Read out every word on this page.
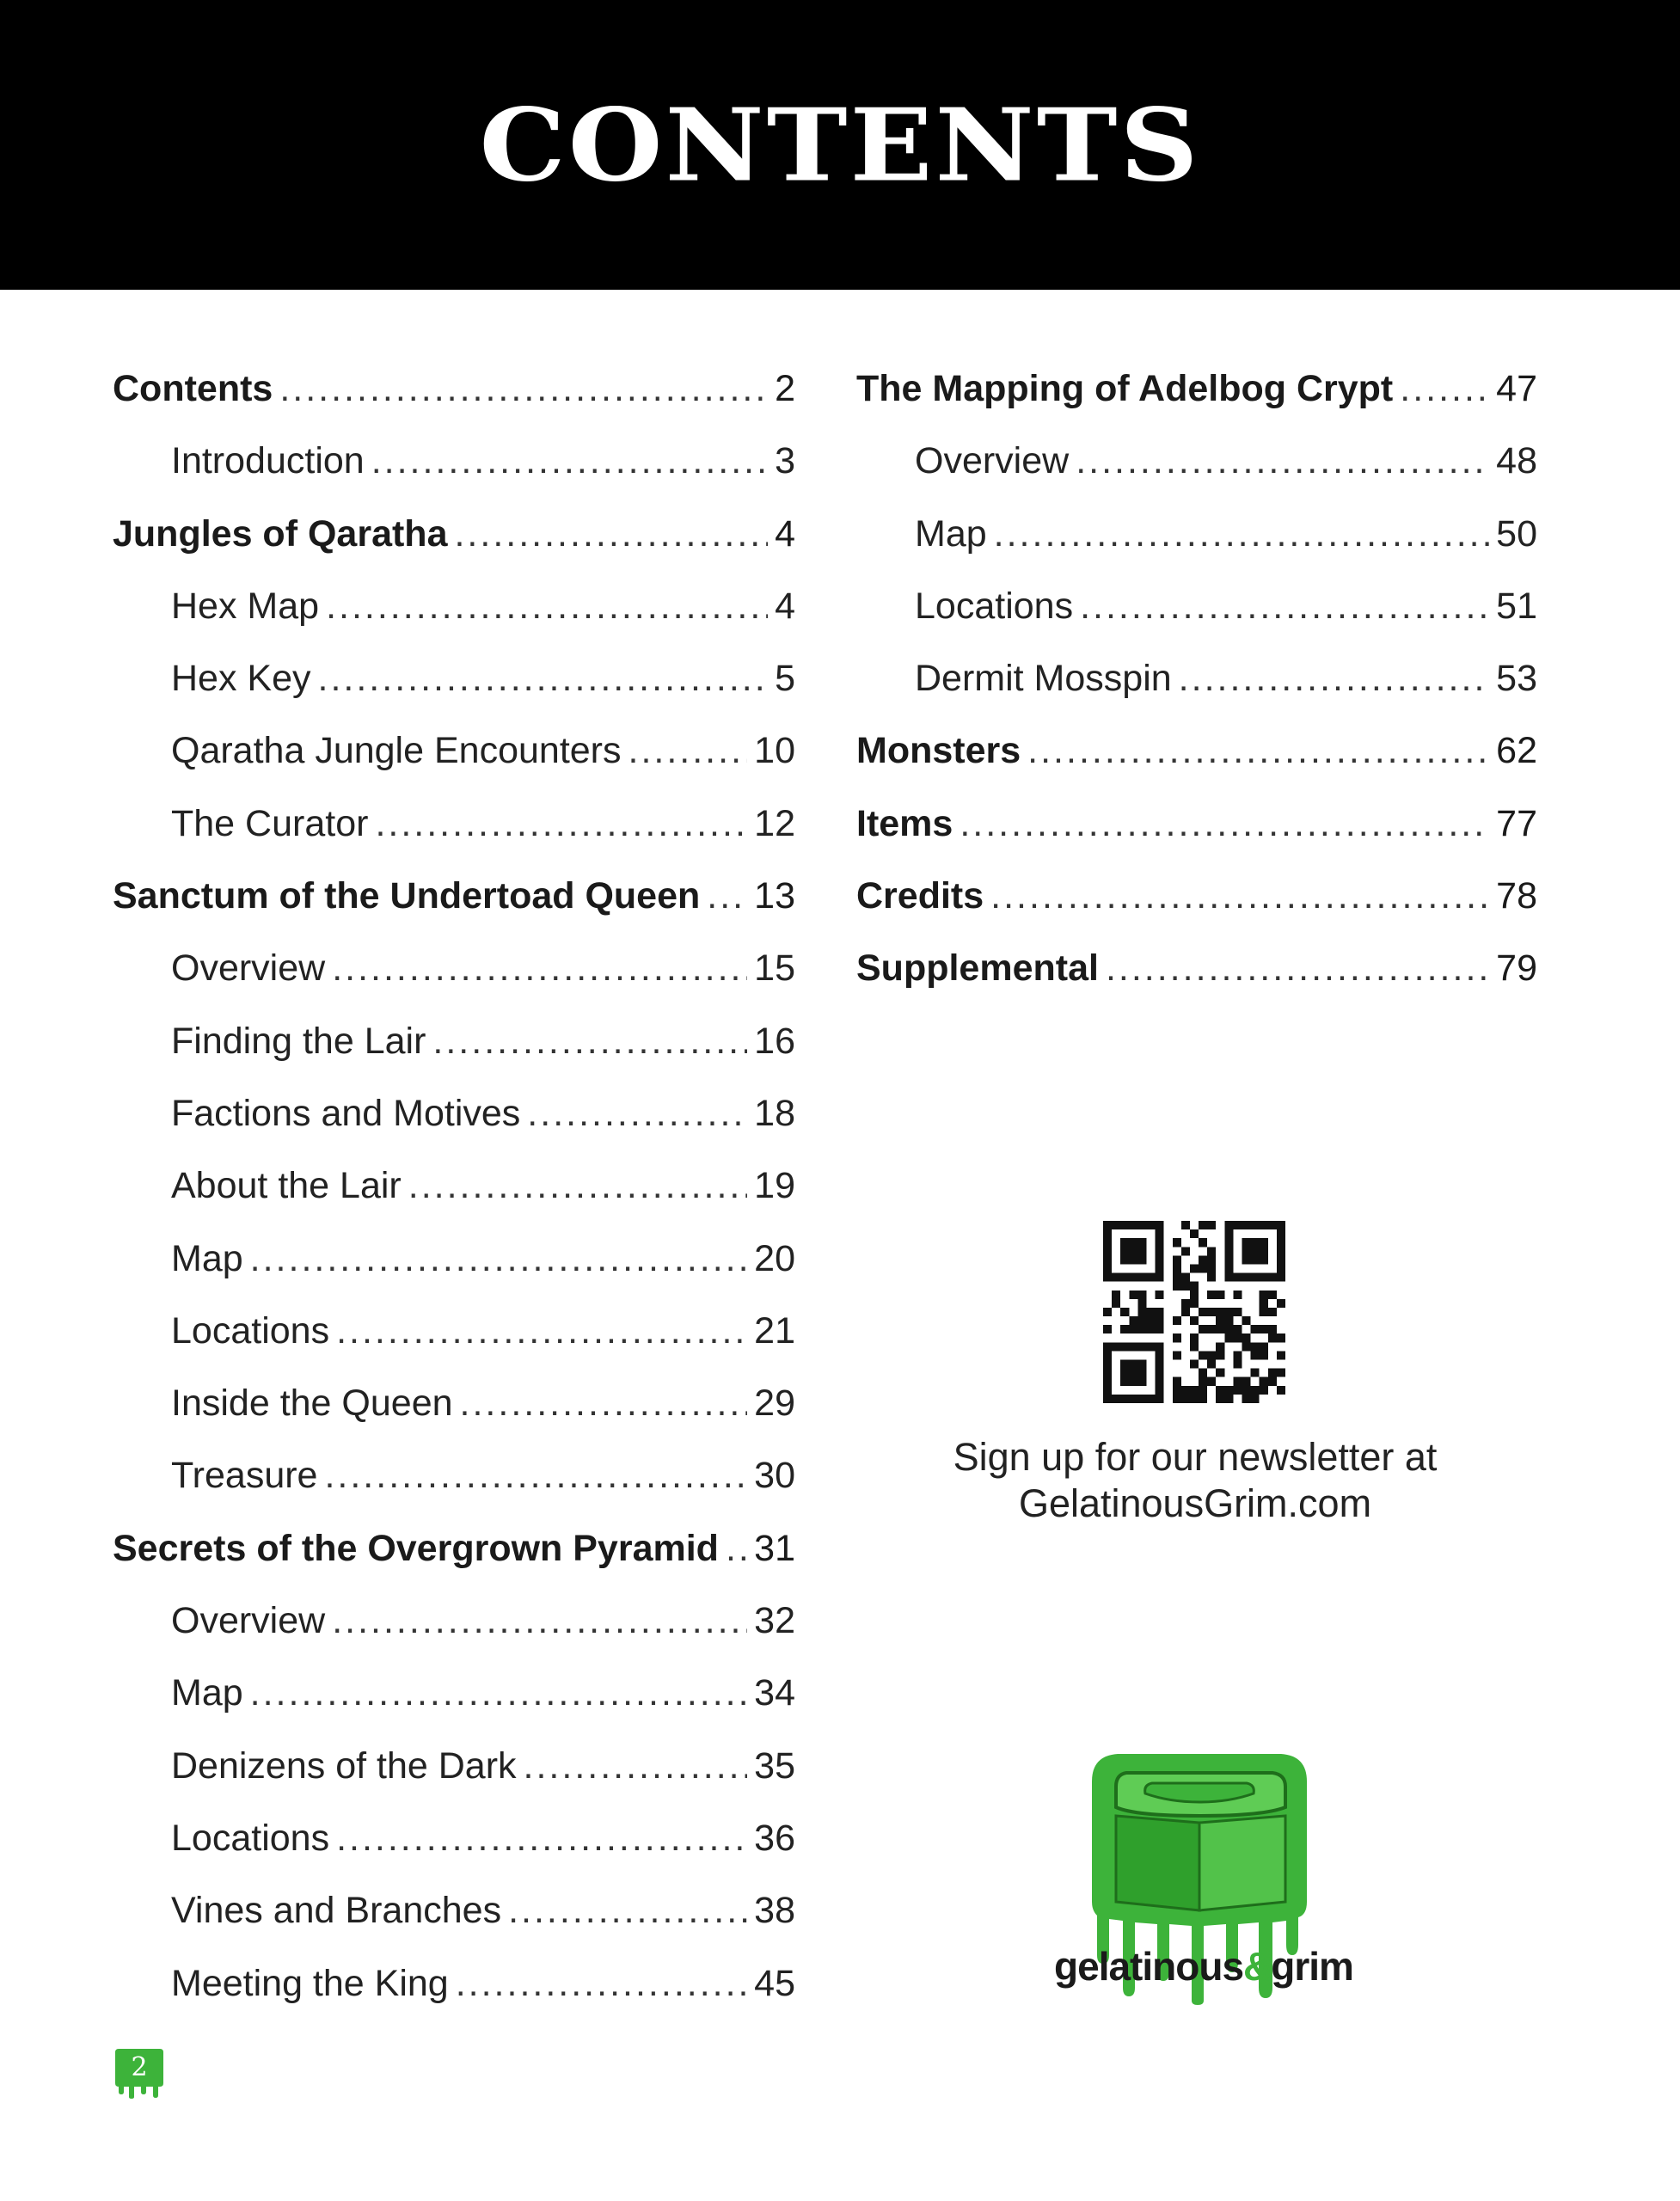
CONTENTS
Contents .....	2
Introduction .....	3
Jungles of Qaratha .....	4
Hex Map .....	4
Hex Key .....	5
Qaratha Jungle Encounters .....	10
The Curator .....	12
Sanctum of the Undertoad Queen ..... 13
Overview .....	15
Finding the Lair .....	16
Factions and Motives .....	18
About the Lair .....	19
Map .....	20
Locations .....	21
Inside the Queen .....	29
Treasure .....	30
Secrets of the Overgrown Pyramid ..... 31
Overview .....	32
Map .....	34
Denizens of the Dark .....	35
Locations .....	36
Vines and Branches .....	38
Meeting the King .....	45
The Mapping of Adelbog Crypt .....	47
Overview .....	48
Map .....	50
Locations .....	51
Dermit Mosspin .....	53
Monsters .....	62
Items .....	77
Credits .....	78
Supplemental .....	79
Sign up for our newsletter at
GelatinousGrim.com
gelatinous&grim
2
